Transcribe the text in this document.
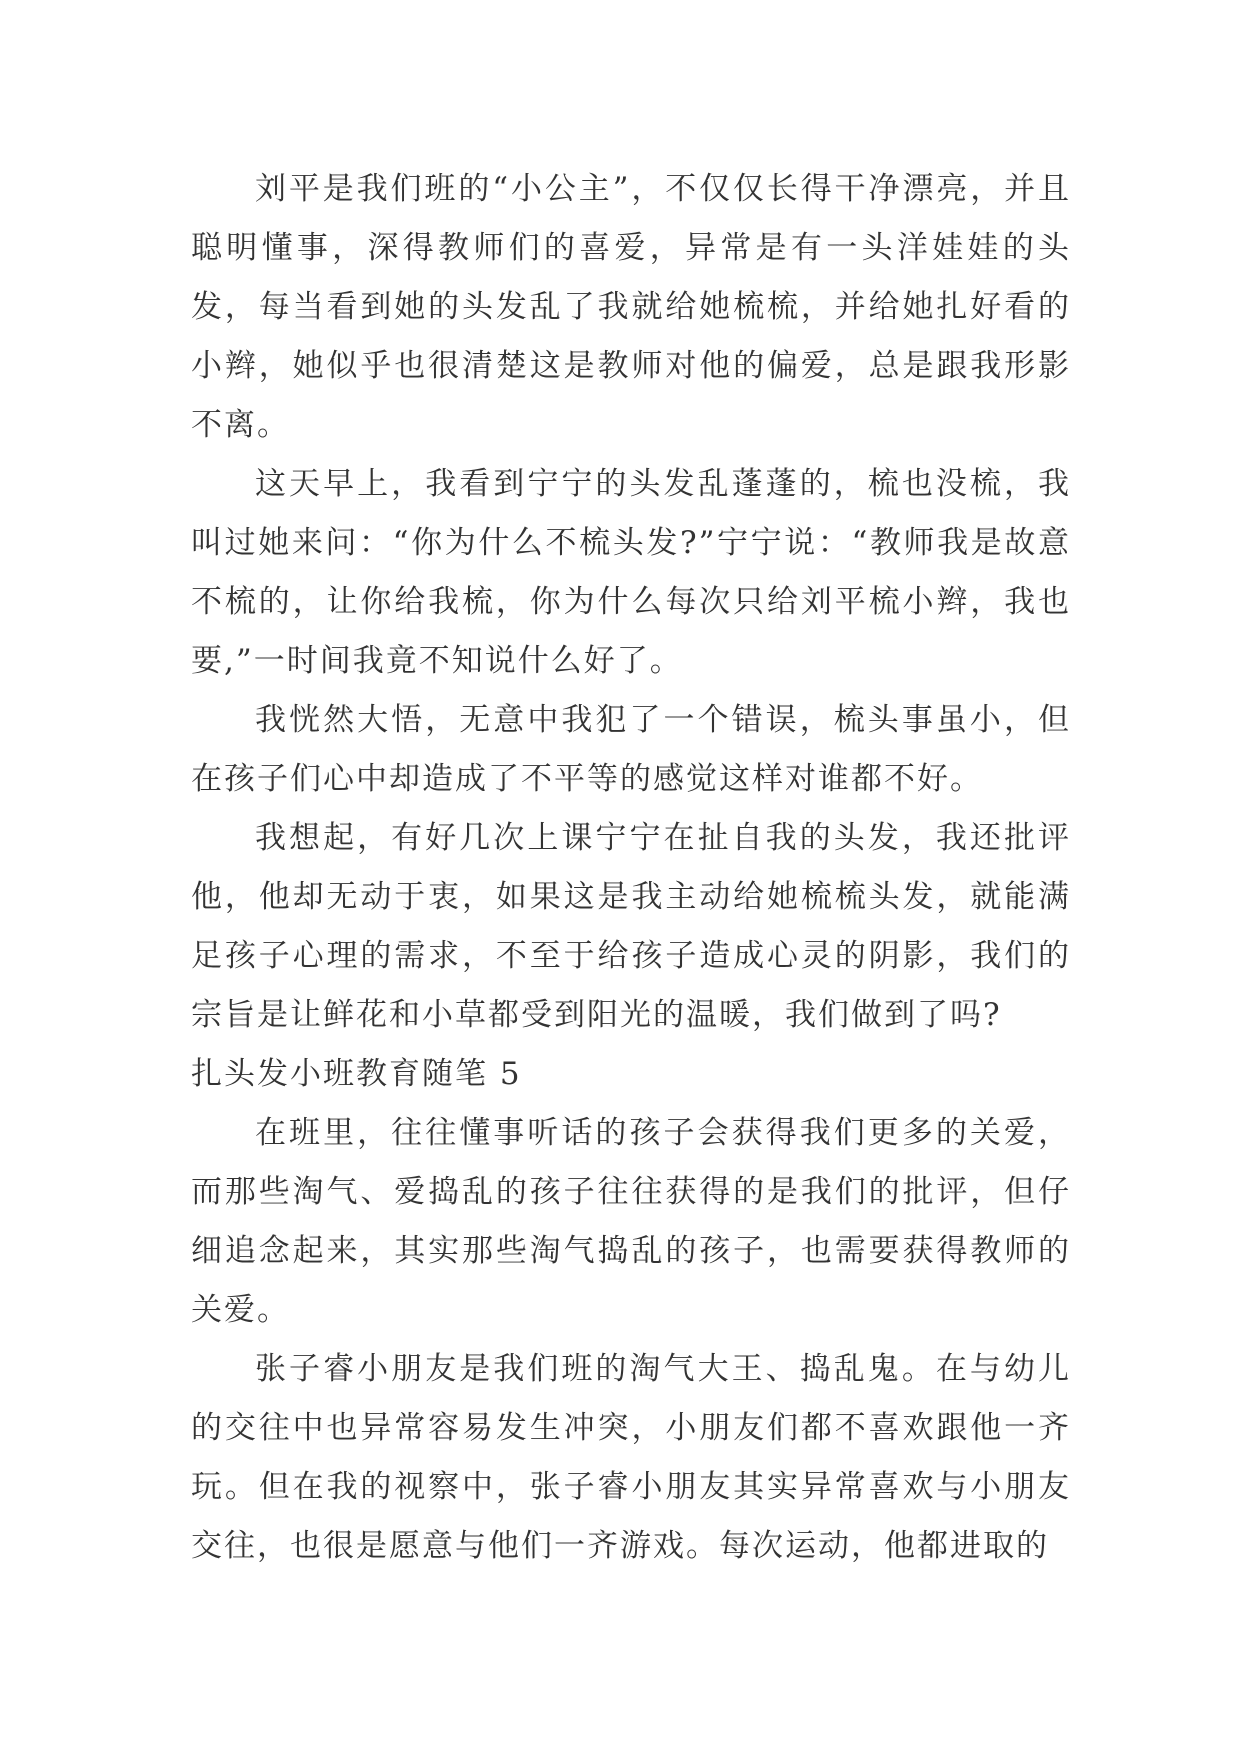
刘平是我们班的“小公主”，不仅仅长得干净漂亮，并且聪明懂事，深得教师们的喜爱，异常是有一头洋娃娃的头发，每当看到她的头发乱了我就给她梳梳，并给她扎好看的小辫，她似乎也很清楚这是教师对他的偏爱，总是跟我形影不离。

这天早上，我看到宁宁的头发乱蓬蓬的，梳也没梳，我叫过她来问：“你为什么不梳头发?”宁宁说：“教师我是故意不梳的，让你给我梳，你为什么每次只给刘平梳小辫，我也要,”一时间我竟不知说什么好了。

我恍然大悟，无意中我犯了一个错误，梳头事虽小，但在孩子们心中却造成了不平等的感觉这样对谁都不好。

我想起，有好几次上课宁宁在扯自我的头发，我还批评他，他却无动于衷，如果这是我主动给她梳梳头发，就能满足孩子心理的需求，不至于给孩子造成心灵的阴影，我们的宗旨是让鲜花和小草都受到阳光的温暖，我们做到了吗?

扎头发小班教育随笔 5

在班里，往往懂事听话的孩子会获得我们更多的关爱，而那些淘气、爱捣乱的孩子往往获得的是我们的批评，但仔细追念起来，其实那些淘气捣乱的孩子，也需要获得教师的关爱。

张子睿小朋友是我们班的淘气大王、捣乱鬼。在与幼儿的交往中也异常容易发生冲突，小朋友们都不喜欢跟他一齐玩。但在我的视察中，张子睿小朋友其实异常喜欢与小朋友交往，也很是愿意与他们一齐游戏。每次运动，他都进取的
